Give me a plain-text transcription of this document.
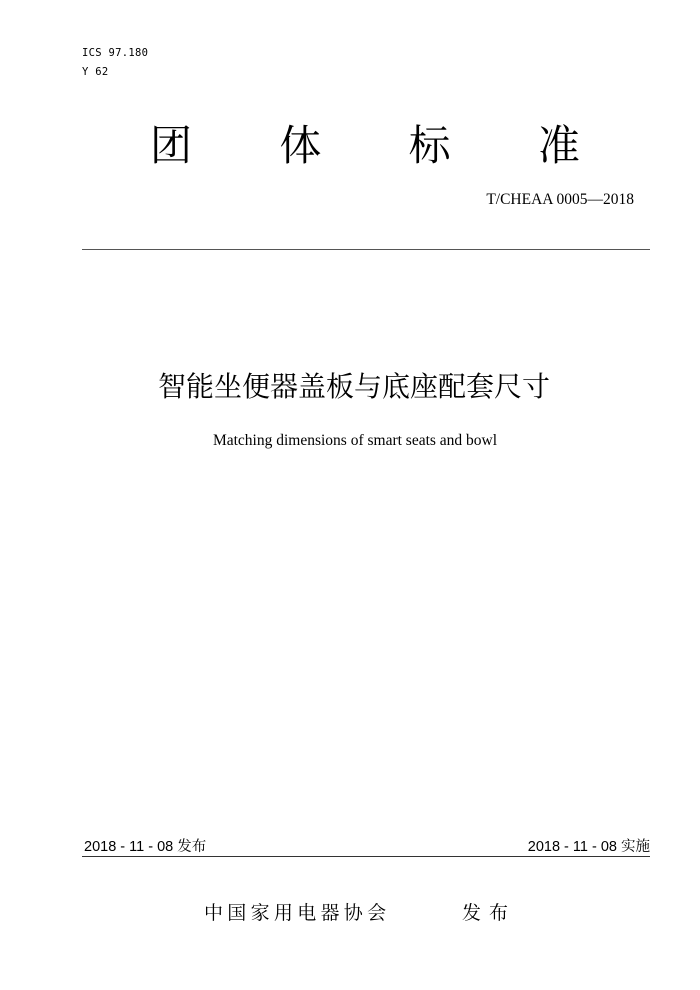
ICS 97.180
Y 62
团 体 标 准
T/CHEAA 0005—2018
智能坐便器盖板与底座配套尺寸
Matching dimensions of smart seats and bowl
2018 - 11 - 08 发布	2018 - 11 - 08 实施
中国家用电器协会	发布
